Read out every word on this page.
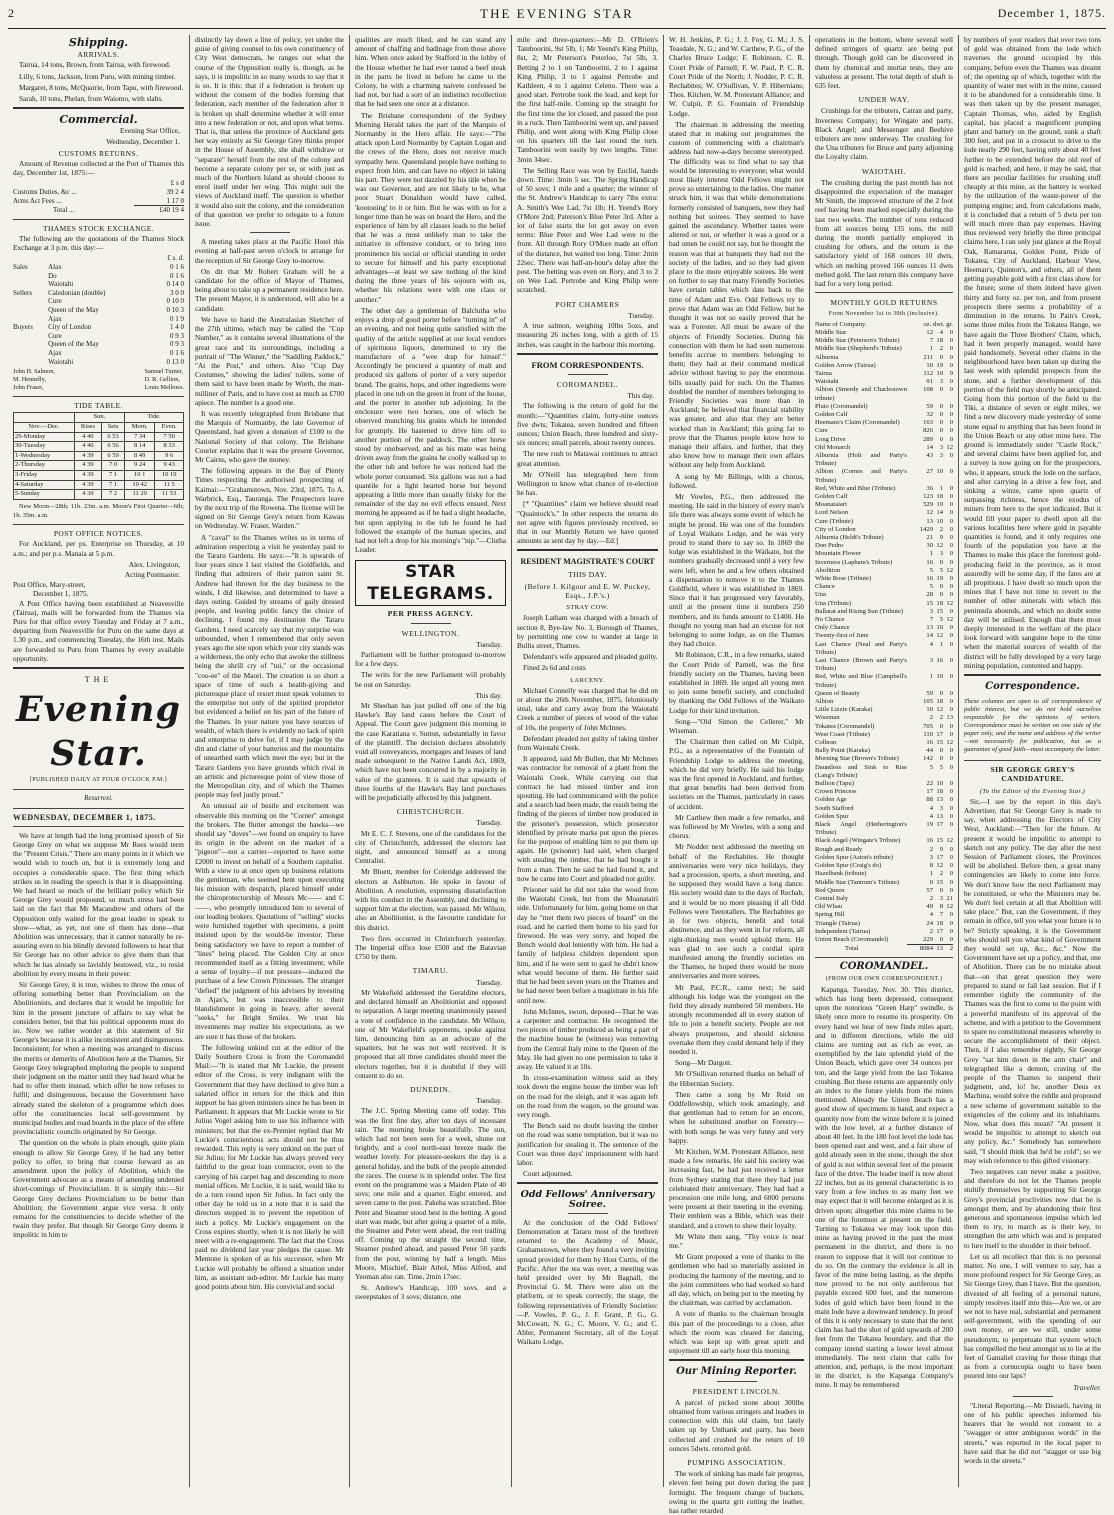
2	THE EVENING STAR	December 1, 1875.
Shipping.
ARRIVALS.

Tairua, 14 tons, Brown, from Tairua, with firewood.

Lilly, 6 tons, Jackson, from Puru, with mining timber.

Margaret, 8 tons, McQuarrie, from Tapu, with firewood.

Sarah, 10 tons, Phelan, from Waiomo, with slabs.

Commercial.
Evening Star Office,
Wednesday, December 1.
CUSTOMS RETURNS.

Amount of Revenue collected at the Port of Thames this day, December 1st, 1875:—

	£ s d
Customs Duties, &c ...	39 2 4
Arms Act Fees ...	1 17 0
Total ...	£40 19 4
THAMES STOCK EXCHANGE.

The following are the quotations of the Thames Stock Exchange at 3 p.m. this day:—

		£ s. d.
Sales	Alax	0 1 6
	Do	0 1 6
	Waiotahi	0 14 0
Sellers	Caledonian (double)	3 0 0
	Cure	0 10 0
	Queen of the May	0 10 3
	Ajax	0 1 9
Buyers	City of London	1 4 0
	Cure	0 9 3
	Queen of the May	0 9 3
	Ajax	0 1 6
	Waiotahi	0 13 0
John H. Salmon,
M. Hennelly,
John Fraser,
Samuel Turner,
D. R. Gellion,
Louis Mellows.
TIDE TABLE.
	Sun.		Tide.	
Nov.—Dec.	Rises	Sets	Morn.	Even.
29-Monday	4 40	6 53	7 34	7 50
30-Tuesday	4 40	6 56	8 14	8 33
1-Wednesday	4 39	6 59	8 49	9 6
2-Thursday	4 39	7 0	9 24	9 43
3-Friday	4 39	7 1	10 1	10 19
4-Saturday	4 39	7 1	10 42	11 5
5-Sunday	4 39	7 2	11 29	11 53

New Moon—28th; 11h. 23m. a.m. Moon's First Quarter—6th; 1h. 35m. a.m.

POST OFFICE NOTICES.

For Auckland, per ps. Enterprise on Thursday, at 10 a.m.; and per p.s. Manaia at 5 p.m.

Alex. Livingston,
Acting Postmaster.
Post Office, Mary-street,
December 1, 1875.

A Post Office having been established at Neavesville (Tairua), mails will be forwarded from the Thames via Puru for that office every Tuesday and Friday at 7 a.m., departing from Neavesville for Puru on the same days at 1.30 p.m., and commencing Tuesday, the 16th inst. Mails are forwarded to Puru from Thames by every available opportunity.

THE
Evening Star.
[PUBLISHED DAILY AT FOUR O'CLOCK P.M.]
Resurrexi.
WEDNESDAY, DECEMBER 1, 1875.

We have at length had the long promised speech of Sir George Grey on what we suppose Mr Rees would term the "Present Crisis." There are many points in it which we would wish to touch on, but it is extremely long and occupies a considerable space. The first thing which strikes us in reading the speech is that it is disappointing. We had heard so much of the brilliant policy which Sir George Grey would propound, so much stress had been laid on the fact that Mr Macandrew and others of the Opposition only waited for the great leader to speak to show—what, as yet, not one of them has done—that Abolition was unnecessary, that it cannot naturally be re-assuring even to his blindly devoted followers to hear that Sir George has no other advice to give them than that which he has already so lavishly bestowed, viz., to resist abolition by every means in their power.

Sir George Grey, it is true, wishes to throw the onus of offering something better than Provincialism on the Abolitionists, and declares that it would be impolitic for him in the present juncture of affairs to say what he considers better, but that his political opponents must do so. Now we rather wonder at this statement of Sir George's because it is alike inconsistent and disingenuous. Inconsistent; for when a meeting was arranged to discuss the merits or demerits of Abolition here at the Thames, Sir George Grey telegraphed imploring the people to suspend their judgment on the matter until they had heard what he had to offer them instead, which offer he now refuses to fulfil; and disingenuous, because the Government have already stated the skeleton of a programme which does offer the constituencies local self-government by municipal bodies and road boards in the place of the effete provincialistic councils originated by Sir George.

The question on the whole is plain enough, quite plain enough to allow Sir George Grey, if he had any better policy to offer, to bring that course forward as an amendment upon the policy of Abolition, which the Government advocate as a means of amending undenied short-comings of Provincialism. It is simply this:—Sir George Grey declares Provincialism to be better than Abolition; the Government argue vice versa. It only remains for the constituencies to decide whether of the twain they prefer. But though Sir George Grey deems it impolitic in him to

distinctly lay down a line of policy, yet under the guise of giving counsel to his own constituency of City West democrats, he ranges out what the course of the Opposition really is, though, as he says, it is impolitic in so many words to say that it is so. It is this: that if a federation is broken up without the consent of the bodies forming that federation, each member of the federation after it is broken up shall determine whether it will enter into a new federation or not, and upon what terms. That is, that unless the province of Auckland gets her way entirely as Sir George Grey thinks proper in the House of Assembly, she shall withdraw or "separate" herself from the rest of the colony and become a separate colony per se, or with just as much of the Northern Island as should choose to enrol itself under her wing. This might suit the views of Auckland itself. The question is whether it would also suit the colony, and the consideration of that question we prefer to relegate to a future issue.

A meeting takes place at the Pacific Hotel this evening at half-past seven o'clock to arrange for the reception of Sir George Grey to-morrow.

On dit that Mr Robert Graham will be a candidate for the office of Mayor of Thames, being about to take up a permanent residence here. The present Mayor, it is understood, will also be a candidate.

We have to hand the Australasian Sketcher of the 27th ultimo, which may be called the "Cup Number," as it contains several illustrations of the great race and its surroundings, including a portrait of "The Winner," the "Saddling Paddock," "At the Post," and others. Also "Cup Day Costumes," showing the ladies' toilets, some of them said to have been made by Worth, the man-milliner of Paris, and to have cost as much as £700 apiece. The number is a good one.

It was recently telegraphed from Brisbane that the Marquis of Normanby, the late Governor of Queensland, had given a donation of £100 to the National Society of that colony. The Brisbane Courier explains that it was the present Governor, Mr Cairns, who gave the money.

The following appears in the Bay of Plenty Times respecting the authorised prospecting of Kaimai:—"Grahamstown, Nov. 23rd, 1875. To A. Warbrick, Esq., Tauranga. The Prospectors leave by the next trip of the Rowena. The license will be signed on Sir George Grey's return from Kawau on Wednesday. W. Fraser, Warden."

A "caval" to the Thames writes us in terms of admiration respecting a visit he yesterday paid to the Tararu Gardens. He says:—"It is upwards of four years since I last visited the Goldfields, and finding that admirers of their patron saint St. Andrew had thrown for the day business to the winds, I did likewise, and determined to have a days outing. Guided by streams of gaily dressed people, and leaving public fancy the choice of declining, I found my destination the Tararu Gardens. I need scarcely say that my surprise was unbounded, when I remembered that only seven years ago the site upon which your city stands was a wilderness, the only echo that awoke the stillness being the shrill cry of "tui," or the occasional "coo-ee" of the Maori. The creation is so short a space of time of such a health-giving and picturesque place of resort must speak volumes to the enterprise not only of the spirited proprietor but evidenced a belief on his part of the future of the Thames. In your nature you have sources of wealth, of which there is evidently no lack of spirit and enterprise to delve for, if I may judge by the din and clatter of your batteries and the mountains of unearthed earth which meet the eye; but in the Tararu Gardens you have grounds which rival in an artistic and picturesque point of view those of the Metropolitan city, and of which the Thames people may feel justly proud."

An unusual air of bustle and excitement was observable this morning on the "Corner" amongst the brokers. The flutter amongst the hawks—we should say "doves"—we found on enquiry to have its origin in the advent on the market of a "pigeon"—not a carrier—reported to have some £2000 to invest on behalf of a Southern capitalist. With a view to at once open up business relations the gentleman, who seemed bent upon executing his mission with despatch, placed himself under the chiroprotectorship of Messrs Mc—— and C——, who promptly introduced him to several of our leading brokers. Quotations of "selling" stocks were furnished together with specimens, a point insisted upon by the would-be investor. These being satisfactory we have to report a number of "lines" being placed. The Golden City at once recommended itself as a fitting investment; while a sense of loyalty—if not pressure—induced the purchase of a few Crown Princesses. The stranger "defied" the judgment of his advisers by investing in Ajax's, but was inaccessible to their blandishment in going in heavy, after several "seeks," for Bright Smiles. We trust his investments may realize his expectations, as we are sure it has those of the brokers.

The following unkind cut at the editor of the Daily Southern Cross is from the Coromandel Mail:—"It is stated that Mr Luckie, the present editor of the Cross, is very indignant with the Government that they have declined to give him a salaried office in return for the thick and thin support he has given ministers since he has been in Parliament. It appears that Mr Luckie wrote to Sir Julius Vogel asking him to use his influence with ministers; but that the ex-Premier replied that Mr Luckie's conscientious acts should not be thus rewarded. This reply is very unkind on the part of Sir Julius; for Mr Luckie has always proved very faithful to the great loan contractor, even to the carrying of his carpet bag and descending to more menial offices. Mr Luckie, it is said, would like to do a turn round upon Sir Julius. In fact only the other day he told us in a note that it is said the directors stepped in to prevent the repetition of such a policy. Mr Luckie's engagement on the Cross expires shortly, when it is not likely he will meet with a re-engagement. The fact that the Cross paid no dividend last year pledges the cause. Mr Mentone is spoken of as his successor, when Mr Luckie will probably be offered a situation under him, as assistant sub-editor. Mr Luckie has many good points about him. His convivial and social

qualities are much liked, and he can stand any amount of chaffing and badinage from those above him. When once asked by Stafford in the lobby of the House whether he had ever tasted a beef steak in the parts he lived in before he came to the Colony, he with a charming naivete confessed he had not, but had a sort of an indistinct recollection that he had seen one once at a distance.

The Brisbane correspondent of the Sydney Morning Herald takes the part of the Marquis of Normanby in the Hero affair. He says:—"The attack upon Lord Normanby by Captain Logan and the crews of the Hero, does not receive much sympathy here. Queensland people have nothing to expect from him, and can have no object in taking his part. They were not dazzled by his title when he was our Governor, and are not likely to be, what poor Stuart Donaldson would have called, 'kootooing' to it or him. But he was with us for a longer time than he was on board the Hero, and the experience of him by all classes leads to the belief that he was a most unlikely man to take the initiative in offensive conduct, or to bring into prominence his social or official standing in order to secure for himself and his party exceptional advantages—at least we saw nothing of the kind during the three years of his sojourn with us, whether his relations were with one class or another."

The other day a gentleman of Balclutha who enjoys a drop of good porter before "turning in" of an evening, and not being quite satisfied with the quality of the article supplied at our local vendors of spirituous liquors, determined to try the manufacture of a "wee drap for himsel'." Accordingly he procured a quantity of malt and produced six gallons of porter of a very superior brand. The grains, hops, and other ingredients were placed in one tub on the green in front of the house, and the porter in another tub adjoining. In the enclosure were two horses, one of which he observed munching his grains which he intended for grumply. He hastened to drive him off to another portion of the paddock. The other horse stood by unobserved, and as his mate was being driven away from the grains he coolly walked up to the other tub and before he was noticed had the whole porter consumed. Six gallons was not a bad quantile for a light hearted horse but beyond appearing a little more than usually frisky for the remainder of the day no evil effects ensued. Next morning he appeared as if he had a slight headache, but upon applying to the tub he found he had followed the example of the human species, and had not left a drop for his morning's "nip."—Clutha Leader.

STAR TELEGRAMS.
PER PRESS AGENCY.
WELLINGTON.
Tuesday.

Parliament will be further prorogued to-morrow for a few days.

The writs for the new Parliament will probably be out on Saturday.

This day.

Mr Sheehan has just pulled off one of the big Hawke's Bay land cases before the Court of Appeal. The Court gave judgment this morning in the case Karatiana v. Sutton, substantially in favor of the plaintiff. The decision declares absolutely void all conveyances, mortgages and leases of land made subsequent to the Native Lands Act, 1869, which have not been concurred in by a majority in value of the grantees. It is said that upwards of three fourths of the Hawke's Bay land purchases will be prejudicially affected by this judgment.

CHRISTCHURCH.
Tuesday.

Mr E. C. J. Stevens, one of the candidates for the city of Christchurch, addressed the electors last night, and announced himself as a strong Centralist.

Mr Bluett, member for Coleridge addressed the electors at Ashburton. He spoke in favour of Abolition. A resolution, expressing dissatisfaction with his conduct in the Assembly, and declining to support him at the election, was passed. Mr Wilson, also an Abolitionist, is the favourite candidate for this district.

Two fires occurred in Christchurch yesterday. The Imperial office lose £500 and the Batavian £750 by them.

TIMARU.
Tuesday.

Mr Wakefield addressed the Geraldine electors, and declared himself an Abolitionist and opposed to separation. A large meeting unanimously passed a vote of confidence in the candidate. Mr Wilson, one of Mr Wakefield's opponents, spoke against him, denouncing him as an advocate of the squatters, but he was not well received. It is proposed that all three candidates should meet the electors together, but it is doubtful if they will consent to do so.

DUNEDIN.
Tuesday.

The J.C. Spring Meeting came off today. This was the first fine day, after ten days of incessant rain. The morning broke beautifully. The sun, which had not been seen for a week, shone out brightly, and a cool north-east breeze made the weather lovely. For pleasure-seekers the day is a general holiday, and the bulk of the people attended the races. The course is in splendid order. The first event on the programme was a Maiden Plate of 40 sovs; one mile and a quarter. Eight entered, and seven came to the post. Pakeha was scratched. Blue Peter and Steamer stood best in the betting. A good start was made, but after going a quarter of a mile, the Steamer and Peter went ahead, the rest trailing off. Coming up the straight the second time, Steamer pushed ahead, and passed Peter 50 yards from the post, winning by half a length. Miss Moore, Mischief, Blair Athol, Miss Alfred, and Yeoman also ran. Time, 2min 17sec.

St. Andrew's Handicap, 100 sovs. and a sweepstakes of 3 sovs; distance, one

mile and three-quarters:—Mr D. O'Brien's Tamboorini, 9st 5lb, 1; Mr Yeend's King Philip, 8st, 2; Mr Peterson's Peterloo, 7st 5lb, 3. Betting 2 to 1 on Tamboorini, 2 to 1 against King Philip, 3 to 1 against Pertrobe and Kathleen, 4 to 1 against Celeno. There was a good start. Pertrobe took the lead, and kept for the first half-mile. Coming up the straight for the first time the lot closed, and passed the post in a ruck. Then Tamboorini went up, and passed Philip, and went along with King Philip close on his quarters till the last round the turn. Tamboorini won easily by two lengths. Time: 3min 34sec.

The Selling Race was won by Euclid, hands down. Time: 3min 5 sec. The Spring Handicap of 50 sovs; 1 mile and a quarter; the winner of the St. Andrew's Handicap to carry 7lbs extra: A. Smith's Wee Lad, 7st 1lb; H. Yeend's Rory O'More 2nd; Paterson's Blue Peter 3rd. After a lot of false starts the lot got away on even terms: Blue Peter and Wee Lad were to the front. All through Rory O'More made an effort of the distance, but waited too long. Time: 2min 22sec. There was half-an-hour's delay after the post. The betting was even on Rory, and 3 to 2 on Wee Lad. Pertrobe and King Philip were scratched.

PORT CHAMERS
Tuesday.

A true salmon, weighing 10lbs 5ozs, and measuring 26 inches long, with a girth of 15 inches, was caught in the harbour this morning.

FROM CORRESPONDENTS.
COROMANDEL.
This day.

The following is the return of gold for the month:—"Quantities claim, forty-nine ounces five dwts; Tokatea, seven hundred and fifteen ounces; Union Beach, three hundred and sixty-six ounces; small parcels, about twenty ounces.

The new rush to Matawai continues to attract great attention.

Mr O'Neill has telegraphed here from Wellington to know what chance of re-election he has.

[* "Quantities" claim we believe should read "Quaintock's." In other respects the returns do not agree with figures previously received, so that in our Monthly Return we have quoted amounts as sent day by day.—Ed.]

RESIDENT MAGISTRATE'S COURT
THIS DAY.
(Before J. Kilgour and E. W. Puckey, Esqs., J.P.'s.)
STRAY COW.

Joseph Latham was charged with a breach of section 8, Bye-law No. 3, Borough of Thames, by permitting one cow to wander at large in Bullis street, Thames.

Defendant's wife appeared and pleaded guilty.

Fined 2s 6d and costs

LARCENY.

Michael Connelly was charged that he did on or about the 26th November, 1875, feloniously steal, take and carry away from the Waiotahi Creek a number of pieces of wood of the value of 10s, the property of John McInnes.

Defendant pleaded not guilty of taking timber from Waiotahi Creek.

It appeared, said Mr Bullen, that Mr McInnes was contractor for removal of a plant from the Waiotahi Creek. While carrying out that contract he had missed timber and iron spouting. He had communicated with the police and a search had been made, the result being the finding of the pieces of timber now produced in the prisoner's possession, which prosecutor identified by private marks put upon the pieces for the purpose of enabling him to put them up again. He (prisoner) had said, when charged with stealing the timber, that he had bought it from a man. Then he said he had found it, and now he came into Court and pleaded not guilty.

Prisoner said he did not take the wood from the Waiotahi Creek, but from the Moanatairi side. Unfortunately for him, going home on that day he "met them two pieces of board" on the road, and he carried them home to his yard for firewood. He was very sorry, and hoped the Bench would deal leniently with him. He had a family of helpless children dependent upon him, and if he were sent to gaol he didn't know what would become of them. He further said that he had been seven years on the Thames and he had never been before a magistrate in his life until now.

John McInnes, sworn, deposed—That he was a carpenter and contractor. He recognised the two pieces of timber produced as being a part of the machine house he (witness) was removing from the Central Italy mine to the Queen of the May. He had given no one permission to take it away. He valued it at 10s.

In cross-examination witness said as they took down the engine house the timber was left on the road for the sleigh, and it was again left on the road from the wagon, so the ground was very rough.

The Bench said no doubt leaving the timber on the road was some temptation, but it was no justification for stealing it. The sentence of the Court was three days' imprisonment with hard labor.

Court adjourned.

Odd Fellows' Anniversary Soiree.

At the conclusion of the Odd Fellows' Demonstration at Tararu most of the brethren returned to the Academy of Music, Grahamstown, where they found a very inviting spread provided for them by Host Curtis, of the Pacific. After the tea was over, a meeting was held presided over by Mr Bagnall, the Provincial G. M. There were also on the platform, or to speak correctly, the stage, the following representatives of Friendly Societies:—P. Vowles, P. G., J. F. Grant, P. G., G. McCowatt, N. G.; C. Moore, V. G.; and C. Abler, Permanent Secretary, all of the Loyal Waikato Lodge,

W. H. Jenkins, P. G.; J. J. Foy, G. M.; J. S. Teasdale, N. G.; and W. Carthew, P. G., of the Charles Bruce Lodge; F. Robinson, C. R. Court Pride of Parnell; F. W. Paul, P. C. R. Court Pride of the North; J. Nodder, P. C. R. Rechabites; W. O'Sullivan, V. P. Hibernians; Thos. Kitchen, W. M. Protestant Alliance; and W. Culpit, P. G. Fountain of Friendship Lodge.

The chairman in addressing the meeting stated that in making out programmes the custom of commencing with a chairman's address had now-a-days become stereotyped. The difficulty was to find what to say that would be interesting to everyone; what would most likely interest Odd Fellows might not prove so entertaining to the ladies. One matter struck him, it was that while demonstrations formerly consisted of banquets, now they had nothing but soirees. They seemed to have gained the ascendancy. Whether tastes were altered or not, or whether it was a good or a bad omen he could not say, but he thought the reason was that at banquets they had not the society of the ladies, and so they had given place to the more enjoyable soirees. He went on further to say that many Friendly Societies have certain tables which date back to the time of Adam and Eve. Odd Fellows try to prove that Adam was an Odd Fellow, but he thought it was not so easily proved that he was a Forester. All must be aware of the objects of Friendly Societies. During his connection with them he had seen numerous benefits accrue to members belonging to them; they had at their command medical advice without having to pay the enormous bills usually paid for such. On the Thames doubled the number of members belonging to Friendly Societies was more than in Auckland; he believed that financial stability was greater, and also that they are better worked than in Auckland; this going far to prove that the Thames people know how to manage their affairs, and further, that they also know how to manage their own affairs without any help from Auckland.

A song by Mr Billings, with a chorus, followed.

Mr Vowles, P.G., then addressed the meeting. He said in the history of every man's life there was always some event of which he might be proud. He was one of the founders of Loyal Waikato Lodge, and he was very proud to stand there to say so. In 1869 the lodge was established in the Waikato, but the numbers gradually decreased until a very few were left, when he and a few others obtained a dispensation to remove it to the Thames Goldfield, where it was established in 1869. Since that it has progressed very favorably, until at the present time it numbers 250 members, and its funds amount to £1400. He thought no young man had an excuse for not belonging to some lodge, as on the Thames they had choice.

Mr Robinson, C.R., in a few remarks, stated the Court Pride of Parnell, was the first friendly society on the Thames, having been established in 1869. He urged all young men to join some benefit society, and concluded by thanking the Odd Fellows of the Waikato Lodge for their kind invitation.

Song—"Old Simon the Cellerer," Mr Wiseman.

The Chairman then called on Mr Culpit, P.G., as a representative of the Fountain of Friendship Lodge to address the meeting, which he did very briefly. He said his lodge was the first opened in Auckland, and further, that great benefits had been derived from societies on the Thames, particularly in cases of accident.

Mr Carthew then made a few remarks, and was followed by Mr Vowles, with a song and chorus.

Mr Nodder next addressed the meeting on behalf of the Rechabites. He thought anniversaries were very nice holidays, they had a procession, sports, a short meeting, and he supposed they would have a long dance. His society would date to the days of Rechab, and it would be no more pleasing if all Odd Fellows were Teetotallers. The Rechabites go in for two objects, benefit and total abstinence, and as they went in for reform, all right-thinking men would uphold them. He was glad to see such a cordial spirit manifested among the friendly societies on the Thames, he hoped there would be more anniversaries and more soirees.

Mr Paul, P.C.R., came next; he said although his lodge was the youngest on the field they already numbered 50 members. He strongly recommended all in every station of life to join a benefit society. People are not always prosperous, and should sickness overtake them they could demand help if they needed it.

Song—Mr Dargott.

Mr O'Sullivan returned thanks on behalf of the Hibernian Society.

Then came a song by Mr Reid on Oddfellowship, which took amazingly, and that gentleman had to return for an encore, when he substituted another on Forestry—with both songs he was very funny and very happy.

Mr Kitchen, W.M. Protestant Alliance, next made a few remarks. He said his society was increasing fast, he had just received a letter from Sydney stating that there they had just celebrated their anniversary. They had had a procession one mile long, and 6000 persons were present at their meeting in the evening. Their emblem was a Bible, which was their standard, and a crown to show their loyalty.

Mr White then sang, "Thy voice is near me."

Mr Grant proposed a vote of thanks to the gentlemen who had so materially assisted in producing the harmony of the meeting, and to the joint committees who had worked so hard all day, which, on being put to the meeting by the chairman, was carried by acclamation.

A vote of thanks to the chairman brought this part of the proceedings to a close, after which the room was cleared for dancing, which was kept up with great spirit and enjoyment till an early hour this morning.

Our Mining Reporter.
PRESIDENT LINCOLN.

A parcel of picked stone about 300lbs obtained from various stringers and leaders in connection with this old claim, but lately taken up by Unthank and party, has been collected and crushed for the return of 10 ounces 5dwts. retorted gold.

PUMPING ASSOCIATION.

The work of sinking has made fair progress, eleven feet being put down during the past fortnight. The frequent change of buckets, owing to the quartz grit cutting the leather, has rather retarded

operations in the bottom, where several well defined stringers of quartz are being put through. Though gold can be discovered in them by chemical and mortar tests, they are valueless at present. The total depth of shaft is 635 feet.

UNDER WAY.

Crushings for the tributers, Catran and party, Inverness Company; for Wingate and party, Black Angel; and Messenger and Beehive tributers are now underway. The crushing for the Una tributers for Bruce and party adjoining the Loyalty claim.

WAIOTAHI.

The crushing during the past month has not disappointed the expectation of the manager Mr Smith, the improved structure of the 2 foot reef having been marked especially during the last two weeks. The number of tons reduced from all sources being 135 tons, the mill during the month partially employed in crushing for others, and the return is the satisfactory yield of 168 ounces 10 dwts, which on melting proved 166 ounces 11 dwts melted gold. The last return this company have had for a very long period.

MONTHLY GOLD RETURNS
From November 1st to 30th (inclusive).
Name of Company.	oz. dwt. gr.		
Middle Star	12	4	0
Middle Star (Peterson's Tribute)	7	18	0
Middle Star (Shepherd's Tribute)	1	2	0
Alburnia	211	0	0
Golden Arrow (Tairua)	10	19	0
Tairua	112	10	9
Waiotahi	91	3	0
Albion (Smerdy and Charlestown tribute)	108	0	0
Pluto (Coromandel)	59	0	0
Golden Calf	32	0	0
Heemans's Claim (Coromandel)	163	0	0
Cure	826	0	0
Long Drive	289	0	0
Old Monarch	14	3	12
Alburnia (Holt and Party's Tribute)	43	3	0
Albion (Cornes and Party's Tribute)	27	10	0
Red, White and Blue (Tribute)	36	1	0
Golden Calf	123	18	0
Moanataiari	529	10	0
Lord Nelson	12	14	0
Cure (Tribute)	13	10	0
City of London	1429	2	0
Alburnia (Heldt's Tribute)	21	9	0
Don Pedro	30	12	0
Mountain Flower	1	3	0
Inverness (Lapham's Tribute)	16	0	0
Abolition	5	5	12
White Rose (Tribute)	16	19	0
Chance	5	0	0
Una	28	0	0
Una (Tribute)	15	18	12
Ballarat and Rising Sun (Tribute)	3	15	0
No Chance	7	5	12
Only Chance	13	10	0
Twenty-first of June	14	12	0
Last Chance (Neal and Party's Tribute)	4	1	0
Last Chance (Brown and Party's Tribute)	3	16	0
Red, White and Blue (Campbell's Tribute)	1	10	0
Queen of Beauty	59	0	0
Albion	105	18	0
Little Lizzie (Karaka)	10	12	0
Wiseman	2	2	13
Tokatea (Coromandel)	705	0	0
West Coast (Tribute)	110	17	0
Colbran	16	15	12
Bally Point (Karaka)	44	0	0
Morning Star (Brown's Tribute)	142	0	0
Dauntless and Sink to Rise (Lang's Tribute)	5	5	0
Bullion (Tapu)	22	10	0
Crown Princess	17	18	0
Golden Age	88	13	0
South Stafford	4	3	0
Golden Spur	4	13	0
Black Angel (Hetherington's Tribute)	19	17	0
Black Angel (Wingate's Tribute)	16	15	12
Rough and Ready	2	9	0
Golden Spur (Aston's tribute)	3	17	0
Golden Spur (Craig's do)	8	12	0
Hazelbank (tribute)	1	2	0
Middle Star (Tantrum's Tribute)	0	15	0
Red Queen	57	0	0
Central Italy	2	3	21
Old Whau	49	8	12
Spring Hill	4	7	0
Triangle (Tairua)	24	18	0
Independent (Tairua)	2	17	0
Union Beach (Coromandel)	229	0	0
Total	8084	13	2
COROMANDEL.
(FROM OUR OWN CORRESPONDENT.)

Kapanga, Tuesday, Nov. 30. This district, which has long been depressed, consequent upon the notorious "Green Harp" swindle, is likely once more to resume its prosperity. On every hand we hear of new finds miles apart, and in different directions, while the old claims are turning out as rich as ever, as exemplified by the late splendid yield of the Union Beach, which gave over 34 ounces per ton, and the large yield from the last Tokatea crushing. But these returns are apparently only an index to the future yields from the mines mentioned. Already the Union Beach has a good show of specimens in hand, and expect a quantity now from the winze before it is joined with the low level, at a further distance of about 40 feet. In the 180 foot level the lode has been opened east and west, and a fair show of gold already seen in the stone, though the shot of gold is not within several feet of the present face of the drive. The leader itself is now about 22 inches, but as its general characteristic is to vary from a few inches to as many feet we may expect that it will become enlarged as it is driven upon; altogether this mine claims to be one of the foremost at present on the field. Turning to Tokatea we may look upon this mine as having proved in the past the most permanent in the district, and there is no reason to suppose that it will not continue to do so. On the contrary the evidence is all in favor of the mine being lasting, as the depths now proved to be not only auriferous but payable exceed 600 feet, and the numerous lodes of gold which have been found in the main lode have a downward tendency. In proof of this it is only necessary to state that the next claim has had the shot of gold upwards of 200 feet from the Tokatea boundary, and that the company intend starting a lower level almost immediately. The next claim that calls for attention, and, perhaps, is the most important in the district, is the Kapanga Company's mine. It may be remembered

by numbers of your readers that over two tons of gold was obtained from the lode which traverses the ground occupied by this company, before even the Thames was dreamt of; the opening up of which, together with the quantity of water met with in the mine, caused it to be abandoned for a considerable time. It was then taken up by the present manager, Captain Thomas, who, aided by English capital, has placed a magnificent pumping plant and battery on the ground, sunk a shaft 300 feet, and put in a crosscut to drive to the lode nearly 290 feet, having only about 40 feet further to be extended before the old reef of gold is reached; and here, it may be said, that there are peculiar facilities for crushing stuff cheaply at this mine, as the battery is worked by the utilization of the waste-power of the pumping engine; and, from calculations made, it is concluded that a return of 5 dwts per ton will much more than pay expenses. Having thus reviewed very briefly the three principal claims here, I can only just glance at the Royal Oak, Ramarama, Golden Point, Pride of Tokatea, City of Auckland, Harbour View, Heeman's, Quinton's, and others, all of them getting payable gold with a first class show for the future; some of them indeed have given thirty and forty oz. per ton, and from present prospects there seems a probability of a diminution in the returns. In Pain's Creek, some three miles from the Tokatea Range, we have again the Three Brothers' Claim, which, had it been properly managed, would have paid handsomely. Several other claims in the neighbourhood have been taken up during the last week with splendid prospects from the stone, and a further development of this portion of the field may shortly be anticipated. Going from this portion of the field to the Tiki, a distance of seven or eight miles, we find a new discovery made yesterday of some stone equal to anything that has been found in the Union Beach or any other mine here. The ground is immediately under "Castle Rock," and several claims have been applied for, and a survey is now going on for the prospectors, who, it appears, struck the lode on the surface, and after carrying in a drive a few feet, and sinking a winze, came upon quartz of surpassing richness, hence the exodus of miners from here to the spot indicated. But it would fill your paper to dwell upon all the various localities here where gold in payable quantities is found, and it only requires one fourth of the population you have at the Thames to make this place the foremost gold-producing field in the province, as it most assuredly will be some day, if the fates are at all propitious. I have dwelt so much upon the mines that I have not time to revert to the number of other minerals with which this peninsula abounds, and which no doubt some day will be utilised. Enough that there most deeply interested in the welfare of the place look forward with sanguine hope to the time when the material sources of wealth of the district will be fully developed by a very large mining population, contented and happy.

Correspondence.

These columns are open to all correspondence of public interest, but we do not hold ourselves responsible for the opinions of writers. Correspondence must be written on one side of the paper only, and the name and address of the writer—not necessarily for publication, but as a guarantee of good faith—must accompany the letter.

SIR GEORGE GREY'S CANDIDATURE.
(To the Editor of the Evening Star.)

Sir,—I see by the report in this day's Advertiser, that Sir George Grey is made to say, when addressing the Electors of City West, Auckland:—"Then for the future. At present it would be impolitic to attempt to sketch out any policy. The day after the next Session of Parliament closes, the Provinces will be abolished. Before then, a great many contingencies are likely to come into force. We don't know how the next Parliament may be constituted, or who the Ministers may be. We don't feel certain at all that Abolition will take place." But, can the Government, if they remain in office, tell you what your future is to be? Strictly speaking, it is the Government who should tell you what kind of Government they would set up, &c., &c." Now the Government have set up a policy, and that, one of Abolition. There can be no mistake about that—on that great question they were prepared to stand or fall last session. But if I remember rightly the community of the Thames was the first to come to the point with a powerful manifesto of its approval of the scheme, and with a petition to the Government to spare no constitutional measures whereby to secure the accomplishment of their object. Then, if I also remember rightly, Sir George Grey "sat him down in the arm chair" and telegraphed like a demon, craving of the people of the Thames to suspend their judgment, and, lo! he, another Deus ex Machina, would solve the riddle and propound a new scheme of government suitable to the exigencies of the colony and its inhabitants. Now, what does this mean? "At present it would be impolitic to attempt to sketch out any policy, &c." Somebody has somewhere said, "I should think that he'd be cold"; so we may wish reference to this gifted visionary.

Two negatives can never make a positive, and therefore do not let the Thames people stultify themselves by supporting Sir George Grey's provincial proclivities now that he is amongst them, and by abandoning their first generous and spontaneous impulse which led them to try, to march as is their key, to strengthen the arm which was and is prepared to lure itself to the shoulder in their behoof.

Let us all recollect that this is no personal matter. No one, I will venture to say, has a more profound respect for Sir George Grey, as Sir George Grey, than I have. But the question, divested of all feeling of a personal nature, simply resolves itself into this—Are we, or are we not to have real, substantial and permanent self-government, with the spending of our own money, or are we still, under some pseudonym, to perpetuate that system which has compelled the best amongst us to lie at the feet of Gamaliel craving for those things that as from a cornucopia ought to have been poured into our laps?

Traveller.

"Literal Reporting.—Mr Disraeli, having in one of his public speeches informed his hearers that he would not consent to a "swagger or utter ambiguous words" in the streets," was reported in the local paper to have said that he did not "stagger or use big words in the streets."
